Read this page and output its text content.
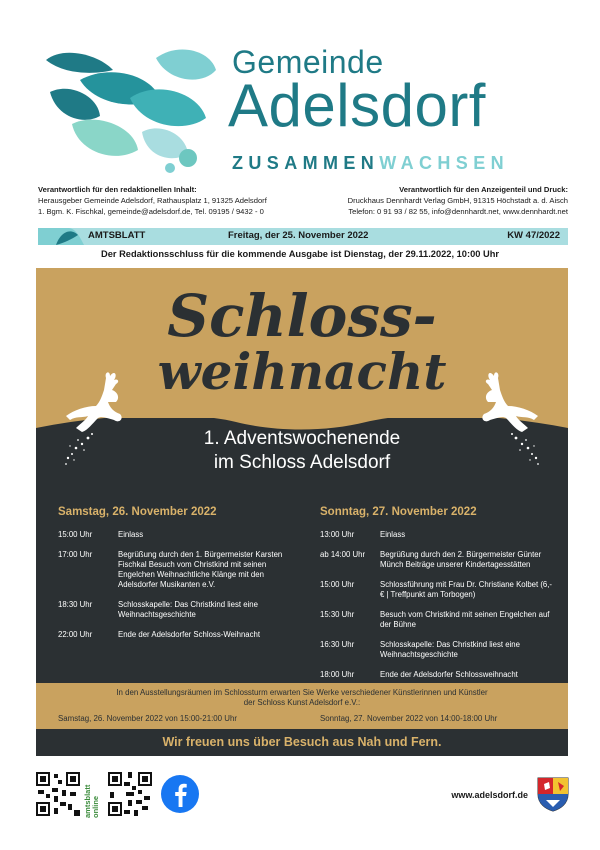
Gemeinde
Adelsdorf
ZUSAMMENWACHSEN
Verantwortlich für den redaktionellen Inhalt:
Herausgeber Gemeinde Adelsdorf, Rathausplatz 1, 91325 Adelsdorf
1. Bgm. K. Fischkal, gemeinde@adelsdorf.de, Tel. 09195 / 9432 - 0
Verantwortlich für den Anzeigenteil und Druck:
Druckhaus Dennhardt Verlag GmbH, 91315 Höchstadt a. d. Aisch
Telefon: 0 91 93 / 82 55, info@dennhardt.net, www.dennhardt.net
AMTSBLATT	Freitag, der 25. November 2022	KW 47/2022
Der Redaktionsschluss für die kommende Ausgabe ist Dienstag, der 29.11.2022, 10:00 Uhr
Schloss-
weihnacht
1. Adventswochenende
im Schloss Adelsdorf
Samstag, 26. November 2022	Sonntag, 27. November 2022
15:00 Uhr	Einlass
17:00 Uhr	Begrüßung durch den 1. Bürgermeister Karsten Fischkal Besuch vom Christkind mit seinen Engelchen Weihnachtliche Klänge mit den Adelsdorfer Musikanten e.V.
18:30 Uhr	Schlosskapelle: Das Christkind liest eine Weihnachtsgeschichte
22:00 Uhr	Ende der Adelsdorfer Schloss-Weihnacht
13:00 Uhr	Einlass
ab 14:00 Uhr	Begrüßung durch den 2. Bürgermeister Günter Münch Beiträge unserer Kindertagesstätten
15:00 Uhr	Schlossführung mit Frau Dr. Christiane Kolbet (6,- € | Treffpunkt am Torbogen)
15:30 Uhr	Besuch vom Christkind mit seinen Engelchen auf der Bühne
16:30 Uhr	Schlosskapelle: Das Christkind liest eine Weihnachtsgeschichte
18:00 Uhr	Ende der Adelsdorfer Schlossweihnacht
In den Ausstellungsräumen im Schlossturm erwarten Sie Werke verschiedener Künstlerinnen und Künstler
der Schloss Kunst Adelsdorf e.V.:
Samstag, 26. November 2022 von 15:00-21:00 Uhr	Sonntag, 27. November 2022 von 14:00-18:00 Uhr
Wir freuen uns über Besuch aus Nah und Fern.
amtsblatt online
www.adelsdorf.de
